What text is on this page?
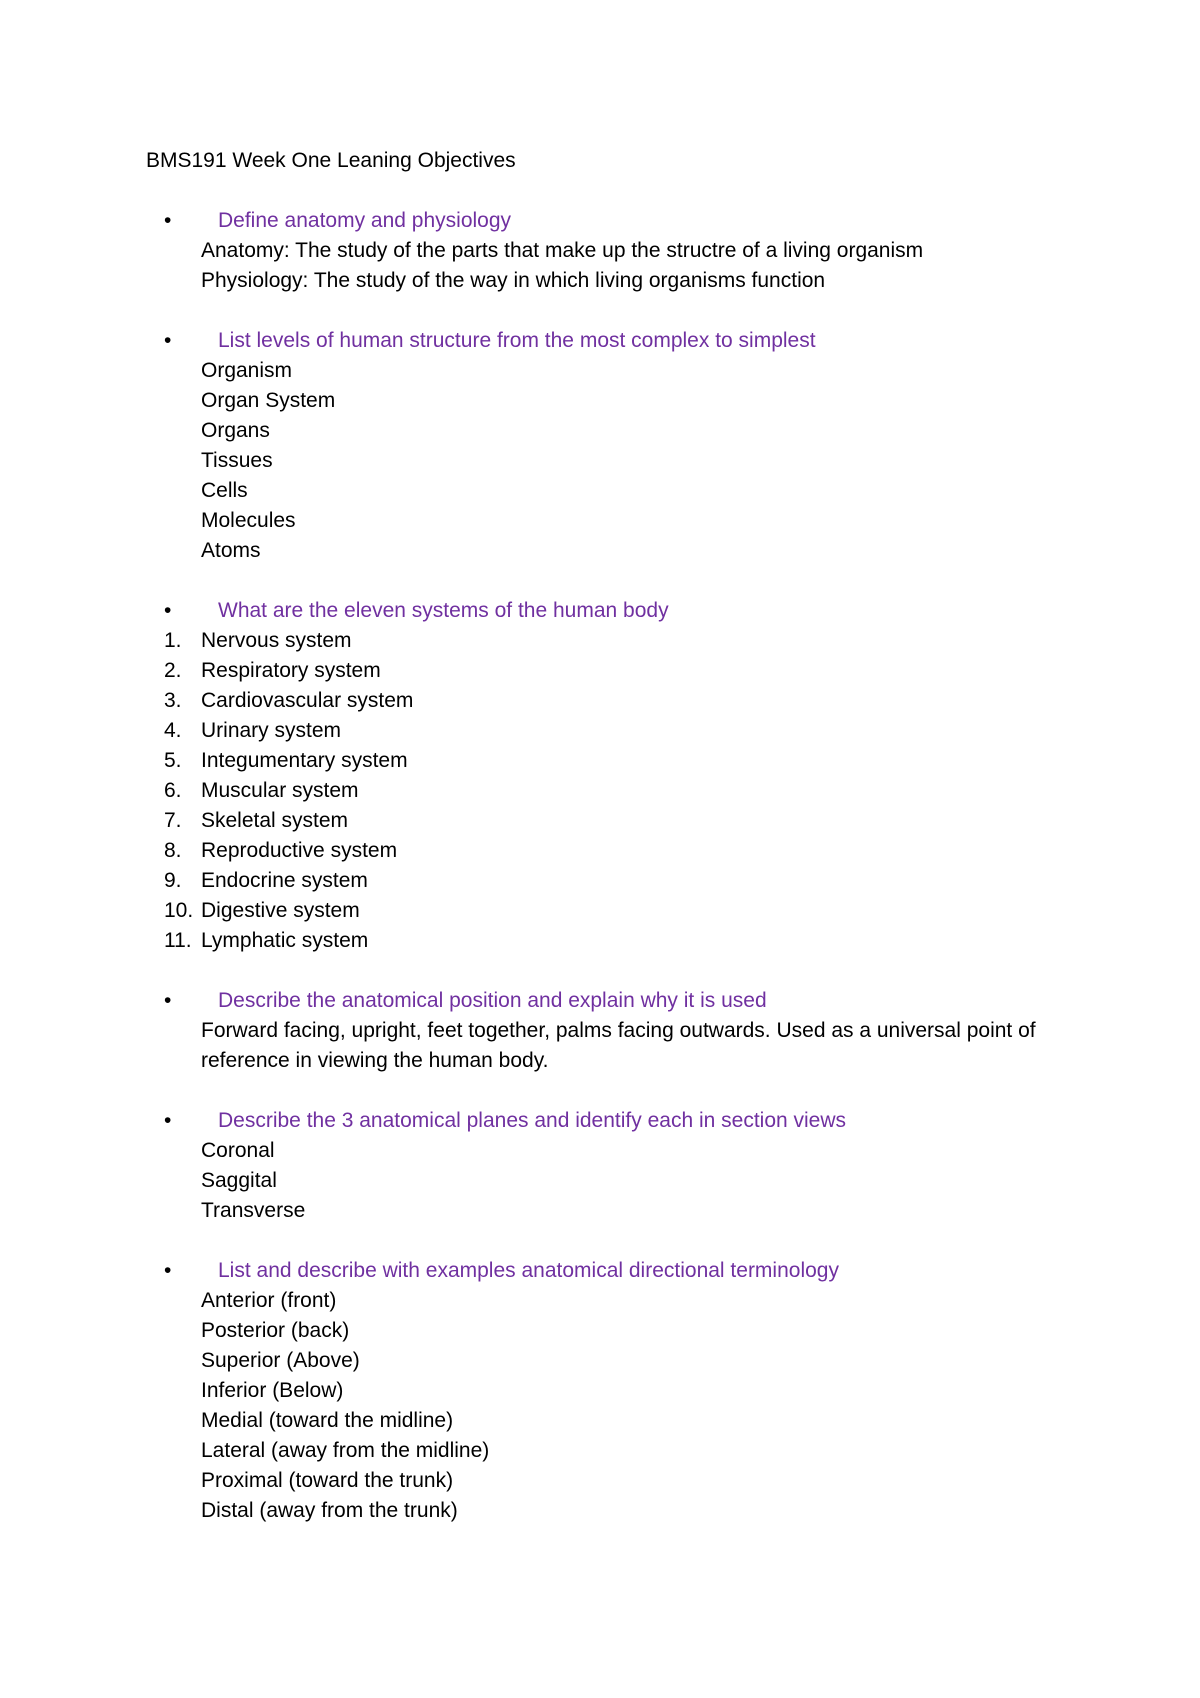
BMS191 Week One Leaning Objectives
• Define anatomy and physiology
Anatomy: The study of the parts that make up the structre of a living organism
Physiology: The study of the way in which living organisms function
• List levels of human structure from the most complex to simplest
Organism
Organ System
Organs
Tissues
Cells
Molecules
Atoms
• What are the eleven systems of the human body
1. Nervous system
2. Respiratory system
3. Cardiovascular system
4. Urinary system
5. Integumentary system
6. Muscular system
7. Skeletal system
8. Reproductive system
9. Endocrine system
10. Digestive system
11. Lymphatic system
• Describe the anatomical position and explain why it is used
Forward facing, upright, feet together, palms facing outwards. Used as a universal point of reference in viewing the human body.
• Describe the 3 anatomical planes and identify each in section views
Coronal
Saggital
Transverse
• List and describe with examples anatomical directional terminology
Anterior (front)
Posterior (back)
Superior (Above)
Inferior (Below)
Medial (toward the midline)
Lateral (away from the midline)
Proximal (toward the trunk)
Distal (away from the trunk)
